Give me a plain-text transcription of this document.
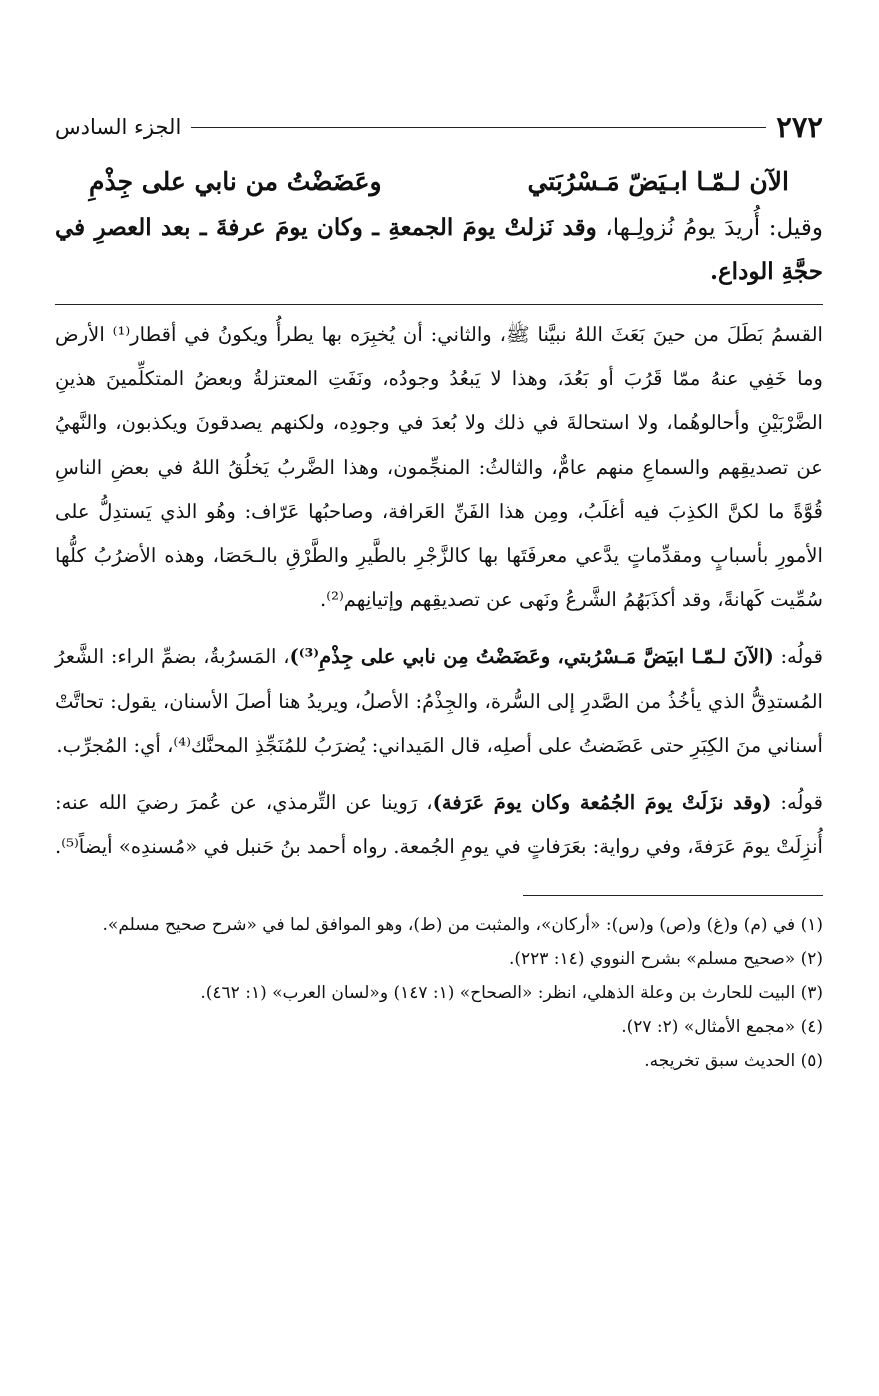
٢٧٢
الجزء السادس
الآن لـمّـا ابـيَضّ مَـسْرُبَتي
وعَضَضْتُ من نابي على جِذْمِ
وقيل: أُريدَ يومُ نُزولِـها، وقد نَزلتْ يومَ الجمعةِ ـ وكان يومَ عرفةَ ـ بعد العصرِ في حجَّةِ الوداع.

القسمُ بَطَلَ من حينَ بَعَثَ اللهُ نبيَّنا ﷺ، والثاني: أن يُخبِرَه بها يطرأُ ويكونُ في أقطار⁽¹⁾ الأرض وما خَفِي عنهُ ممّا قَرُبَ أو بَعُدَ، وهذا لا يَبعُدُ وجودُه، ونَفَتِ المعتزلةُ وبعضُ المتكلِّمينَ هذينِ الضَّرْبَيْنِ وأحالوهُما، ولا استحالةَ في ذلك ولا بُعدَ في وجودِه، ولكنهم يصدقونَ ويكذبون، والنَّهيُ عن تصديقِهم والسماعِ منهم عامٌّ، والثالثُ: المنجِّمون، وهذا الضَّربُ يَخلُقُ اللهُ في بعضِ الناسِ قُوَّةً ما لكنَّ الكذِبَ فيه أغلَبُ، ومِن هذا الفَنِّ العَرافة، وصاحبُها عَرّاف: وهُو الذي يَستدِلُّ على الأمورِ بأسبابٍ ومقدِّماتٍ يدَّعي معرفَتَها بها كالزَّجْرِ بالطَّيرِ والطَّرْقِ بالـحَصَا، وهذه الأضرُبُ كلُّها سُمِّيت كَهانةً، وقد أكذَبَهُمُ الشَّرعُ ونَهى عن تصديقِهم وإتيانِهم⁽²⁾.

قولُه: (الآنَ لـمّـا ابيَضَّ مَـسْرُبتي، وعَضَضْتُ مِن نابي على جِذْمِ⁽³⁾)، المَسرُبةُ، بضمِّ الراء: الشَّعرُ المُستدِقُّ الذي يأخُذُ من الصَّدرِ إلى السُّرة، والجِذْمُ: الأصلُ، ويريدُ هنا أصلَ الأسنان، يقول: تحاتَّتْ أسناني منَ الكِبَرِ حتى عَضَضتُ على أصلِه، قال المَيداني: يُضرَبُ للمُنَجِّذِ المحنَّك⁽⁴⁾، أي: المُجرِّب.

قولُه: (وقد نزَلَتْ يومَ الجُمُعة وكان يومَ عَرَفة)، رَوينا عن التِّرمذي، عن عُمرَ رضيَ الله عنه: أُنزِلَتْ يومَ عَرَفةَ، وفي رواية: بعَرَفاتٍ في يومِ الجُمعة. رواه أحمد بنُ حَنبل في «مُسندِه» أيضاً⁽⁵⁾.

(١) في (م) و(غ) و(ص) و(س): «أركان»، والمثبت من (ط)، وهو الموافق لما في «شرح صحيح مسلم».
(٢) «صحيح مسلم» بشرح النووي (١٤: ٢٢٣).
(٣) البيت للحارث بن وعلة الذهلي، انظر: «الصحاح» (١: ١٤٧) و«لسان العرب» (١: ٤٦٢).
(٤) «مجمع الأمثال» (٢: ٢٧).
(٥) الحديث سبق تخريجه.
